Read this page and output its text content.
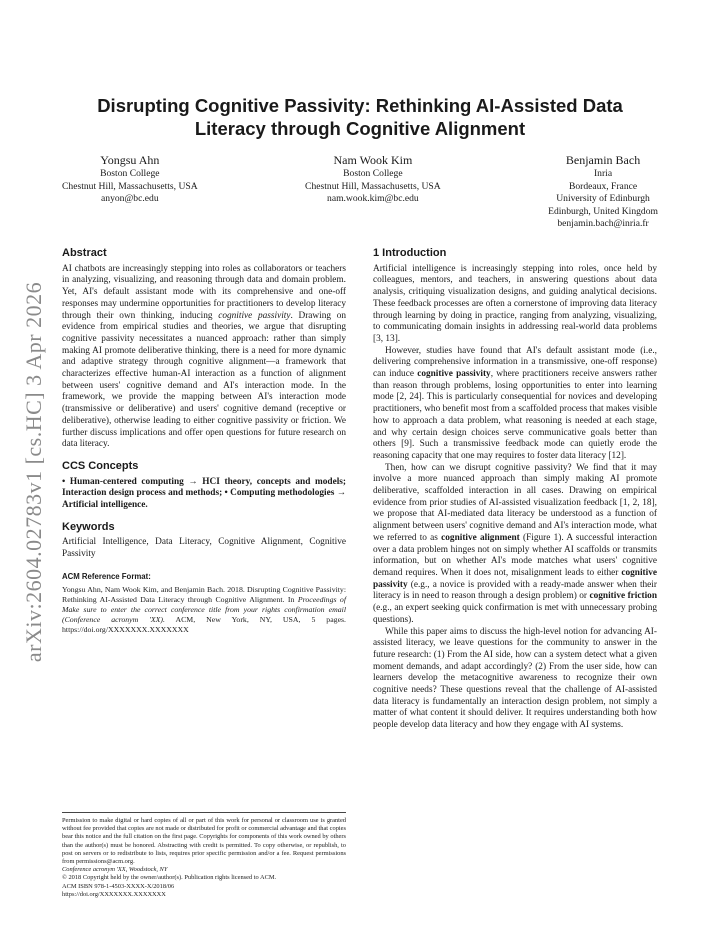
arXiv:2604.02783v1 [cs.HC] 3 Apr 2026
Disrupting Cognitive Passivity: Rethinking AI-Assisted Data Literacy through Cognitive Alignment
Yongsu Ahn
Boston College
Chestnut Hill, Massachusetts, USA
anyon@bc.edu
Nam Wook Kim
Boston College
Chestnut Hill, Massachusetts, USA
nam.wook.kim@bc.edu
Benjamin Bach
Inria
Bordeaux, France
University of Edinburgh
Edinburgh, United Kingdom
benjamin.bach@inria.fr
Abstract

AI chatbots are increasingly stepping into roles as collaborators or teachers in analyzing, visualizing, and reasoning through data and domain problem. Yet, AI's default assistant mode with its comprehensive and one-off responses may undermine opportunities for practitioners to develop literacy through their own thinking, inducing cognitive passivity. Drawing on evidence from empirical studies and theories, we argue that disrupting cognitive passivity necessitates a nuanced approach: rather than simply making AI promote deliberative thinking, there is a need for more dynamic and adaptive strategy through cognitive alignment—a framework that characterizes effective human-AI interaction as a function of alignment between users' cognitive demand and AI's interaction mode. In the framework, we provide the mapping between AI's interaction mode (transmissive or deliberative) and users' cognitive demand (receptive or deliberative), otherwise leading to either cognitive passivity or friction. We further discuss implications and offer open questions for future research on data literacy.

CCS Concepts

• Human-centered computing → HCI theory, concepts and models; Interaction design process and methods; • Computing methodologies → Artificial intelligence.

Keywords

Artificial Intelligence, Data Literacy, Cognitive Alignment, Cognitive Passivity

ACM Reference Format:

Yongsu Ahn, Nam Wook Kim, and Benjamin Bach. 2018. Disrupting Cognitive Passivity: Rethinking AI-Assisted Data Literacy through Cognitive Alignment. In Proceedings of Make sure to enter the correct conference title from your rights confirmation email (Conference acronym 'XX). ACM, New York, NY, USA, 5 pages. https://doi.org/XXXXXXX.XXXXXXX

Permission to make digital or hard copies of all or part of this work for personal or classroom use is granted without fee provided that copies are not made or distributed for profit or commercial advantage and that copies bear this notice and the full citation on the first page. Copyrights for components of this work owned by others than the author(s) must be honored. Abstracting with credit is permitted. To copy otherwise, or republish, to post on servers or to redistribute to lists, requires prior specific permission and/or a fee. Request permissions from permissions@acm.org.

Conference acronym 'XX, Woodstock, NY

© 2018 Copyright held by the owner/author(s). Publication rights licensed to ACM.

ACM ISBN 978-1-4503-XXXX-X/2018/06

https://doi.org/XXXXXXX.XXXXXXX

1 Introduction

Artificial intelligence is increasingly stepping into roles, once held by colleagues, mentors, and teachers, in answering questions about data analysis, critiquing visualization designs, and guiding analytical decisions. These feedback processes are often a cornerstone of improving data literacy through learning by doing in practice, ranging from analyzing, visualizing, to communicating domain insights in addressing real-world data problems [3, 13].

However, studies have found that AI's default assistant mode (i.e., delivering comprehensive information in a transmissive, one-off response) can induce cognitive passivity, where practitioners receive answers rather than reason through problems, losing opportunities to enter into learning mode [2, 24]. This is particularly consequential for novices and developing practitioners, who benefit most from a scaffolded process that makes visible how to approach a data problem, what reasoning is needed at each stage, and why certain design choices serve communicative goals better than others [9]. Such a transmissive feedback mode can quietly erode the reasoning capacity that one may requires to foster data literacy [12].

Then, how can we disrupt cognitive passivity? We find that it may involve a more nuanced approach than simply making AI promote deliberative, scaffolded interaction in all cases. Drawing on empirical evidence from prior studies of AI-assisted visualization feedback [1, 2, 18], we propose that AI-mediated data literacy be understood as a function of alignment between users' cognitive demand and AI's interaction mode, what we referred to as cognitive alignment (Figure 1). A successful interaction over a data problem hinges not on simply whether AI scaffolds or transmits information, but on whether AI's mode matches what users' cognitive demand requires. When it does not, misalignment leads to either cognitive passivity (e.g., a novice is provided with a ready-made answer when their literacy is in need to reason through a design problem) or cognitive friction (e.g., an expert seeking quick confirmation is met with unnecessary probing questions).

While this paper aims to discuss the high-level notion for advancing AI-assisted literacy, we leave questions for the community to answer in the future research: (1) From the AI side, how can a system detect what a given moment demands, and adapt accordingly? (2) From the user side, how can learners develop the metacognitive awareness to recognize their own cognitive needs? These questions reveal that the challenge of AI-assisted data literacy is fundamentally an interaction design problem, not simply a matter of what content it should deliver. It requires understanding both how people develop data literacy and how they engage with AI systems.
